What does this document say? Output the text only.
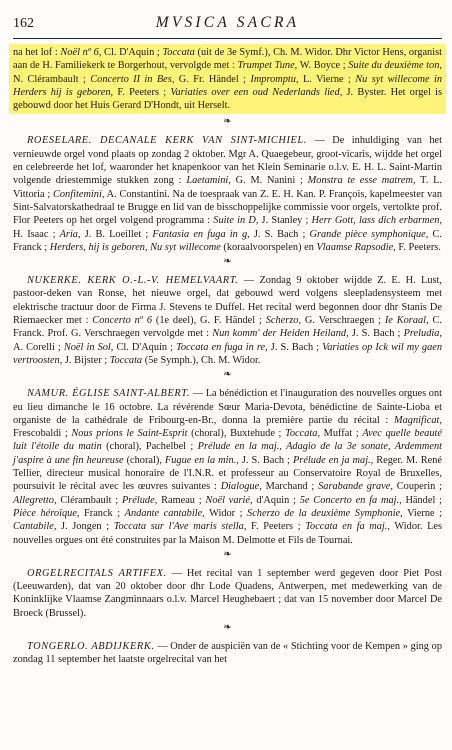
162	MVSICA SACRA

na het lof : Noël nº 6, Cl. D'Aquin ; Toccata (uit de 3e Symf.), Ch. M. Widor. Dhr Victor Hens, organist aan de H. Familiekerk te Borgerhout, vervolgde met : Trumpet Tune, W. Boyce ; Suite du deuxième ton, N. Clérambault ; Concerto II in Bes, G. Fr. Händel ; Impromptu, L. Vierne ; Nu syt willecome in Herders hij is geboren, F. Peeters ; Variaties over een oud Nederlands lied, J. Byster. Het orgel is gebouwd door het Huis Gerard D'Hondt, uit Herselt.

❧

ROESELARE. DECANALE KERK VAN SINT-MICHIEL. — De inhuldiging van het vernieuwde orgel vond plaats op zondag 2 oktober. Mgr A. Quaegebeur, groot-vicaris, wijdde het orgel en celebreerde het lof, waaronder het knapenkoor van het Klein Seminarie o.l.v. E. H. L. Saint-Martin volgende driestemmige stukken zong : Laetamini, G. M. Nanini ; Monstra te esse matrem, T. L. Vittoria ; Confitemini, A. Constantini. Na de toespraak van Z. E. H. Kan. P. François, kapelmeester van Sint-Salvatorskathedraal te Brugge en lid van de bisschoppelijke commissie voor orgels, vertolkte prof. Flor Peeters op het orgel volgend programma : Suite in D, J. Stanley ; Herr Gott, lass dich erbarmen, H. Isaac ; Aria, J. B. Loeillet ; Fantasia en fuga in g, J. S. Bach ; Grande pièce symphonique, C. Franck ; Herders, hij is geboren, Nu syt willecome (koraalvoorspelen) en Vlaamse Rapsodie, F. Peeters.

❧

NUKERKE. KERK O.-L.-V. HEMELVAART. — Zondag 9 oktober wijdde Z. E. H. Lust, pastoor-deken van Ronse, het nieuwe orgel, dat gebouwd werd volgens sleepladensysteem met elektrische tractuur door de Firma J. Stevens te Duffel. Het recital werd begonnen door dhr Stanis De Riemaecker met : Concerto nº 6 (1e deel), G. F. Händel ; Scherzo, G. Verschraegen ; Ie Koraal, C. Franck. Prof. G. Verschraegen vervolgde met : Nun komm' der Heiden Heiland, J. S. Bach ; Preludia, A. Corelli ; Noël in Sol, Cl. D'Aquin ; Toccata en fuga in re, J. S. Bach ; Variaties op Ick wil my gaen vertroosten, J. Bijster ; Toccata (5e Symph.), Ch. M. Widor.

❧

NAMUR. ÉGLISE SAINT-ALBERT. — La bénédiction et l'inauguration des nouvelles orgues ont eu lieu dimanche le 16 octobre. La révérende Sœur Maria-Devota, bénédictine de Sainte-Lioba et organiste de la cathédrale de Fribourg-en-Br., donna la première partie du récital : Magnificat, Frescobaldi ; Nous prions le Saint-Esprit (choral), Buxtehude ; Toccata, Muffat ; Avec quelle beauté luit l'étoile du matin (choral), Pachelbel ; Prélude en la maj., Adagio de la 3e sonate, Ardemment j'aspire à une fin heureuse (choral), Fugue en la min., J. S. Bach ; Prélude en ja maj., Reger. M. René Tellier, directeur musical honoraire de l'I.N.R. et professeur au Conservatoire Royal de Bruxelles, poursuivit le récital avec les œuvres suivantes : Dialogue, Marchand ; Sarabande grave, Couperin ; Allegretto, Clérambault ; Prélude, Rameau ; Noël varié, d'Aquin ; 5e Concerto en fa maj., Händel ; Pièce héroïque, Franck ; Andante cantabile, Widor ; Scherzo de la deuxième Symphonie, Vierne ; Cantabile, J. Jongen ; Toccata sur l'Ave maris stella, F. Peeters ; Toccata en fa maj., Widor. Les nouvelles orgues ont été construites par la Maison M. Delmotte et Fils de Tournai.

❧

ORGELRECITALS ARTIFEX. — Het recital van 1 september werd gegeven door Piet Post (Leeuwarden), dat van 20 oktober door dhr Lode Quadens, Antwerpen, met medewerking van de Koninklijke Vlaamse Zangminnaars o.l.v. Marcel Heughebaert ; dat van 15 november door Marcel De Broeck (Brussel).

❧

TONGERLO. ABDIJKERK. — Onder de auspiciën van de « Stichting voor de Kempen » ging op zondag 11 september het laatste orgelrecital van het
